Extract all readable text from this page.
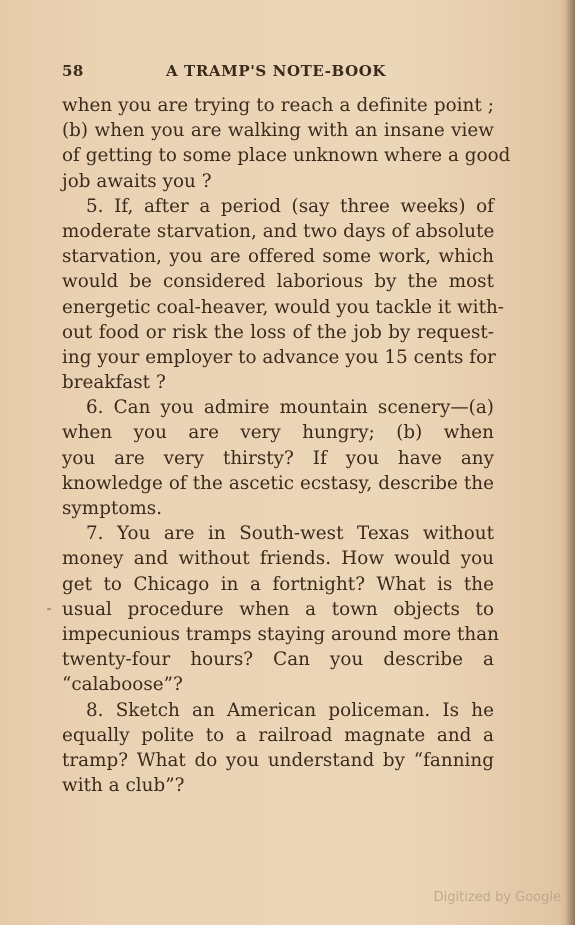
58	A TRAMP'S NOTE-BOOK
when you are trying to reach a definite point ;
(b) when you are walking with an insane view
of getting to some place unknown where a good
job awaits you ?
5. If, after a period (say three weeks) of
moderate starvation, and two days of absolute
starvation, you are offered some work, which
would be considered laborious by the most
energetic coal-heaver, would you tackle it with-
out food or risk the loss of the job by request-
ing your employer to advance you 15 cents for
breakfast ?
6. Can you admire mountain scenery—(a)
when you are very hungry; (b) when
you are very thirsty? If you have any
knowledge of the ascetic ecstasy, describe the
symptoms.
7. You are in South-west Texas without
money and without friends. How would you
get to Chicago in a fortnight? What is the
usual procedure when a town objects to
impecunious tramps staying around more than
twenty-four hours? Can you describe a
“calaboose”?
8. Sketch an American policeman. Is he
equally polite to a railroad magnate and a
tramp? What do you understand by “fanning
with a club”?
Digitized by Google
